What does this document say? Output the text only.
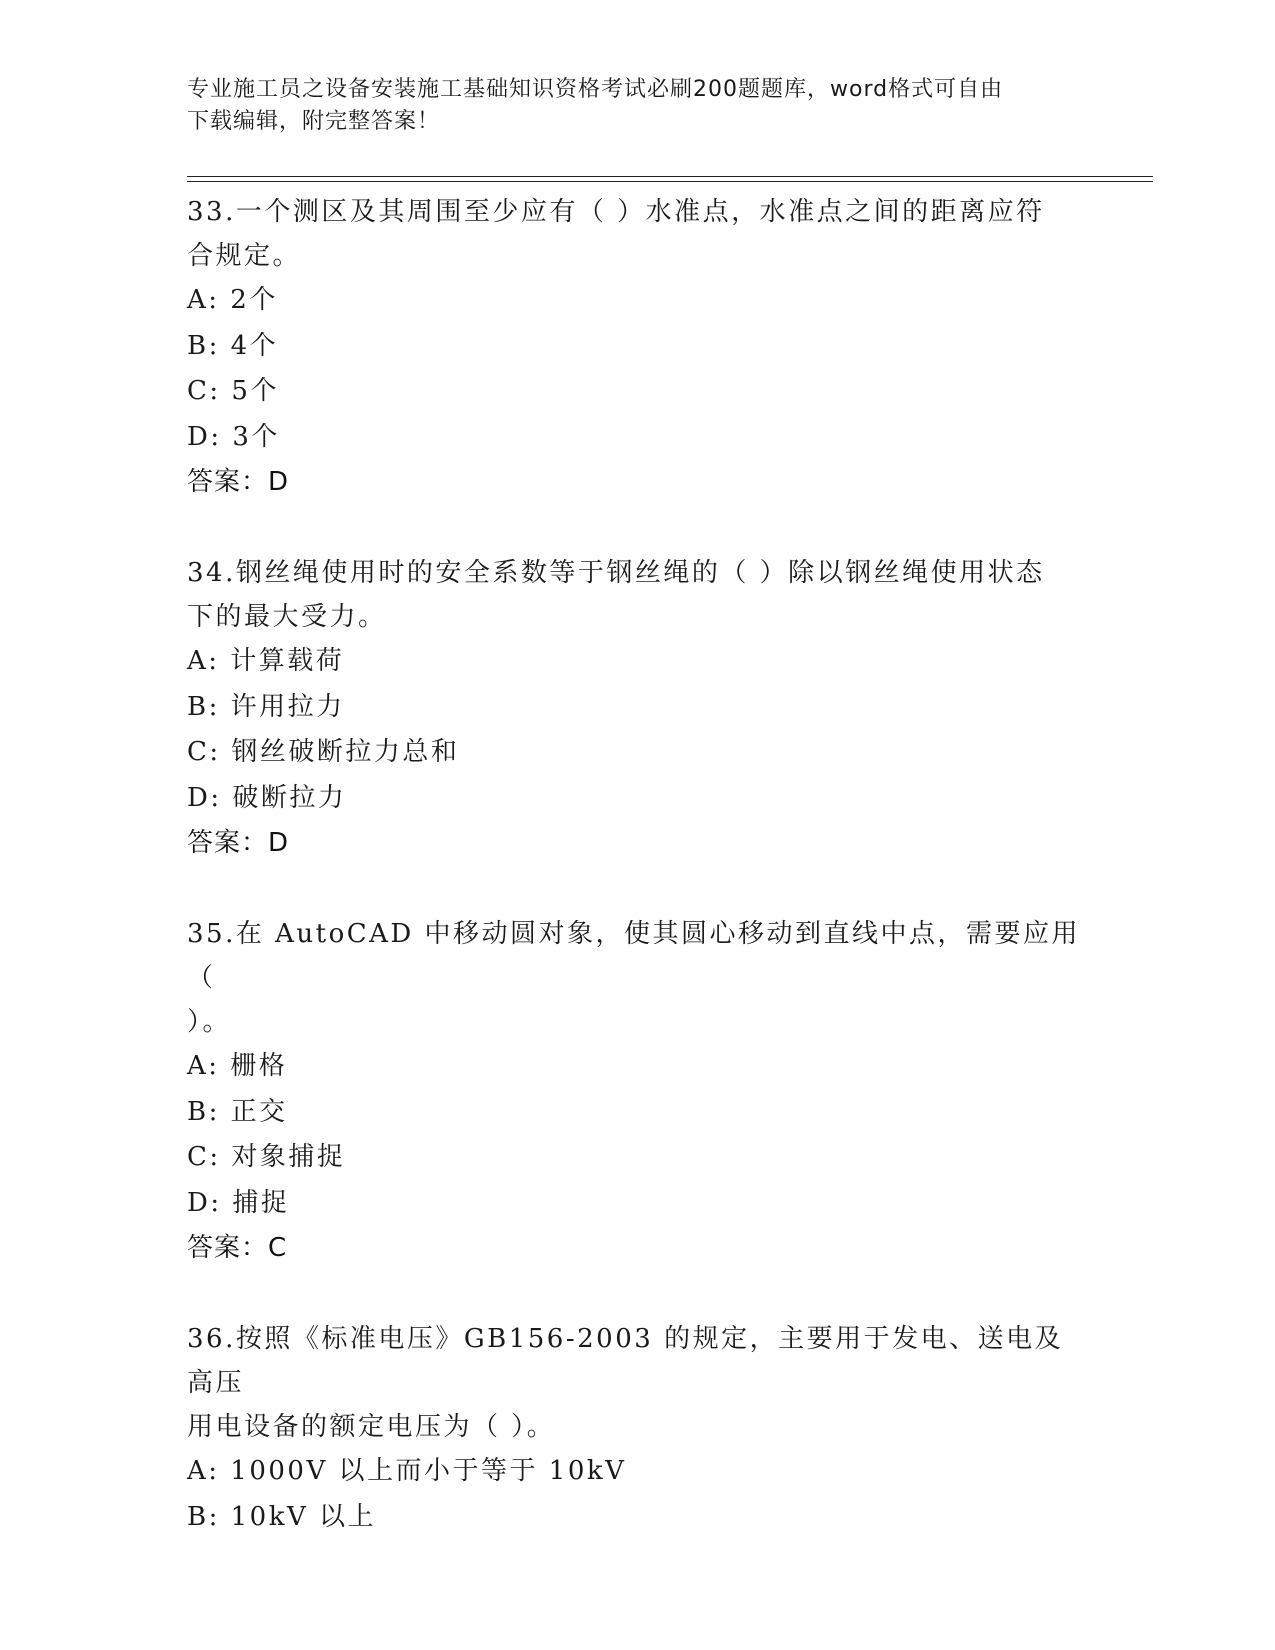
专业施工员之设备安装施工基础知识资格考试必刷200题题库，word格式可自由
下载编辑，附完整答案！
33.一个测区及其周围至少应有（ ）水准点，水准点之间的距离应符
合规定。
A: 2个
B: 4个
C: 5个
D: 3个
答案：D
34.钢丝绳使用时的安全系数等于钢丝绳的（ ）除以钢丝绳使用状态
下的最大受力。
A: 计算载荷
B: 许用拉力
C: 钢丝破断拉力总和
D: 破断拉力
答案：D
35.在 AutoCAD 中移动圆对象，使其圆心移动到直线中点，需要应用（
）。
A: 栅格
B: 正交
C: 对象捕捉
D: 捕捉
答案：C
36.按照《标准电压》GB156-2003 的规定，主要用于发电、送电及高压
用电设备的额定电压为（ ）。
A: 1000V 以上而小于等于 10kV
B: 10kV 以上
